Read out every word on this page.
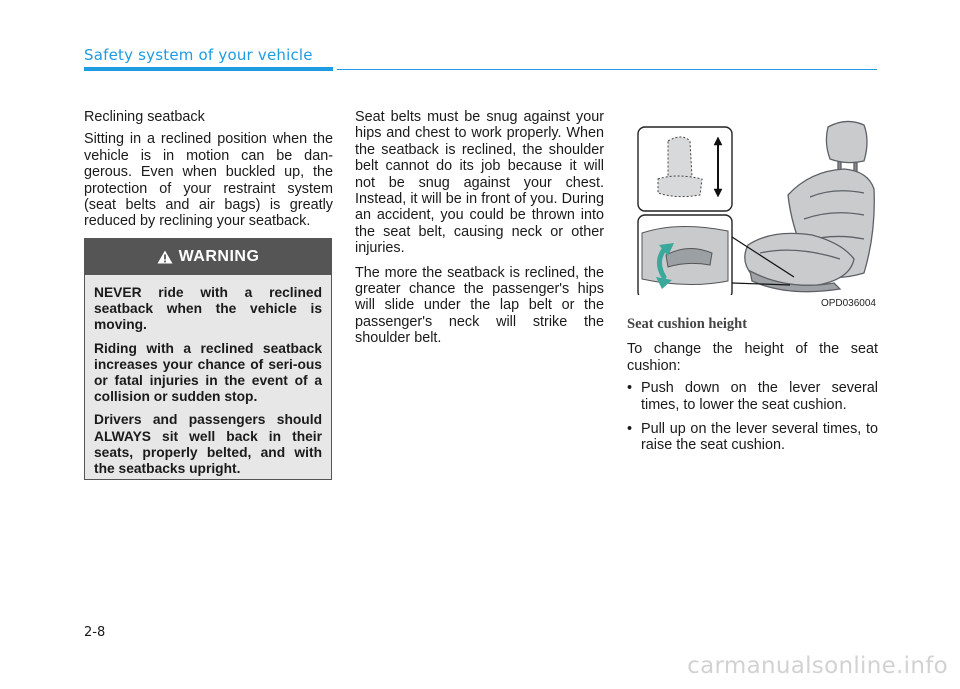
Safety system of your vehicle

Reclining seatback

Sitting in a reclined position when the vehicle is in motion can be dan-gerous. Even when buckled up, the protection of your restraint system (seat belts and air bags) is greatly reduced by reclining your seatback.

WARNING

NEVER ride with a reclined seatback when the vehicle is moving.

Riding with a reclined seatback increases your chance of seri-ous or fatal injuries in the event of a collision or sudden stop.

Drivers and passengers should ALWAYS sit well back in their seats, properly belted, and with the seatbacks upright.

Seat belts must be snug against your hips and chest to work properly. When the seatback is reclined, the shoulder belt cannot do its job because it will not be snug against your chest. Instead, it will be in front of you. During an accident, you could be thrown into the seat belt, causing neck or other injuries.

The more the seatback is reclined, the greater chance the passenger's hips will slide under the lap belt or the passenger's neck will strike the shoulder belt.

OPD036004
Seat cushion height

To change the height of the seat cushion:

• Push down on the lever several times, to lower the seat cushion.
• Pull up on the lever several times, to raise the seat cushion.
2-8
carmanualsonline.info
